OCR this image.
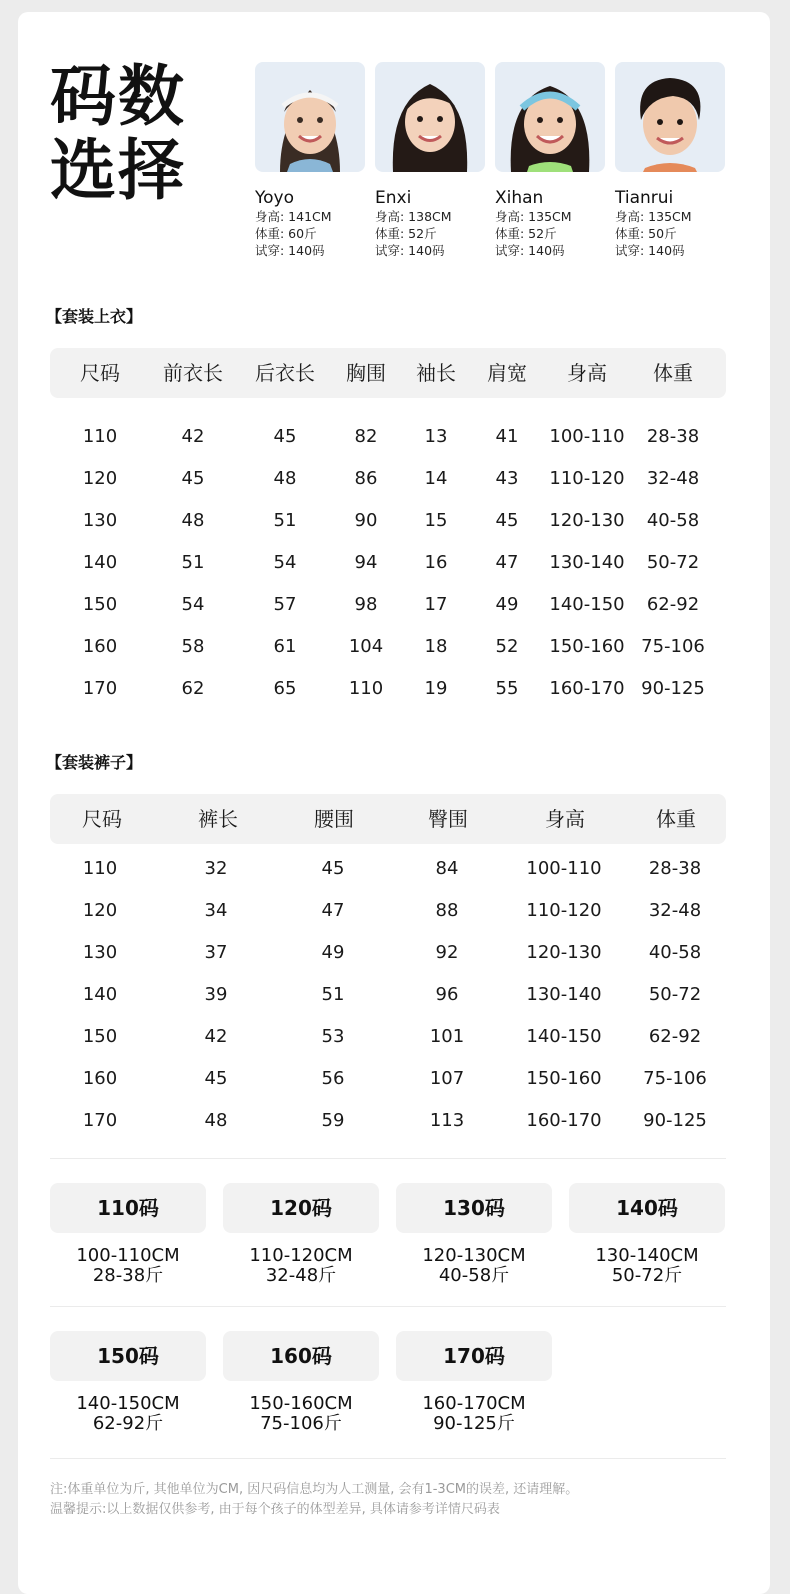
码数
选择	Yoyo
身高: 141CM
体重: 60斤
试穿: 140码
Enxi
身高: 138CM
体重: 52斤
试穿: 140码
Xihan
身高: 135CM
体重: 52斤
试穿: 140码
Tianrui
身高: 135CM
体重: 50斤
试穿: 140码
【套装上衣】
尺码 前衣长 后衣长 胸围 袖长 肩宽 身高 体重
110	42	45	82	13	41 100-110 28-38
120	45	48	86	14	43 110-120 32-48
130	48	51	90	15	45 120-130 40-58
140	51	54	94	16	47 130-140 50-72
150	54	57	98	17	49 140-150 62-92
160	58	61	104 18	52 150-160 75-106
170	62	65	110 19	55 160-170 90-125
【套装裤子】
尺码	裤长	腰围	臀围	身高	体重
110	32	45	84	100-110	28-38
120	34	47	88	110-120	32-48
130	37	49	92	120-130	40-58
140	39	51	96	130-140	50-72
150	42	53	101	140-150	62-92
160	45	56	107	150-160 75-106
170	48	59	113	160-170 90-125
110码	120码	130码	140码
100-110CM
28-38斤
110-120CM
32-48斤
120-130CM
40-58斤
130-140CM
50-72斤
150码	160码	170码
140-150CM
62-92斤
150-160CM
75-106斤
160-170CM
90-125斤
注:体重单位为斤, 其他单位为CM, 因尺码信息均为人工测量, 会有1-3CM的误差, 还请理解。
温馨提示:以上数据仅供参考, 由于每个孩子的体型差异, 具体请参考详情尺码表
